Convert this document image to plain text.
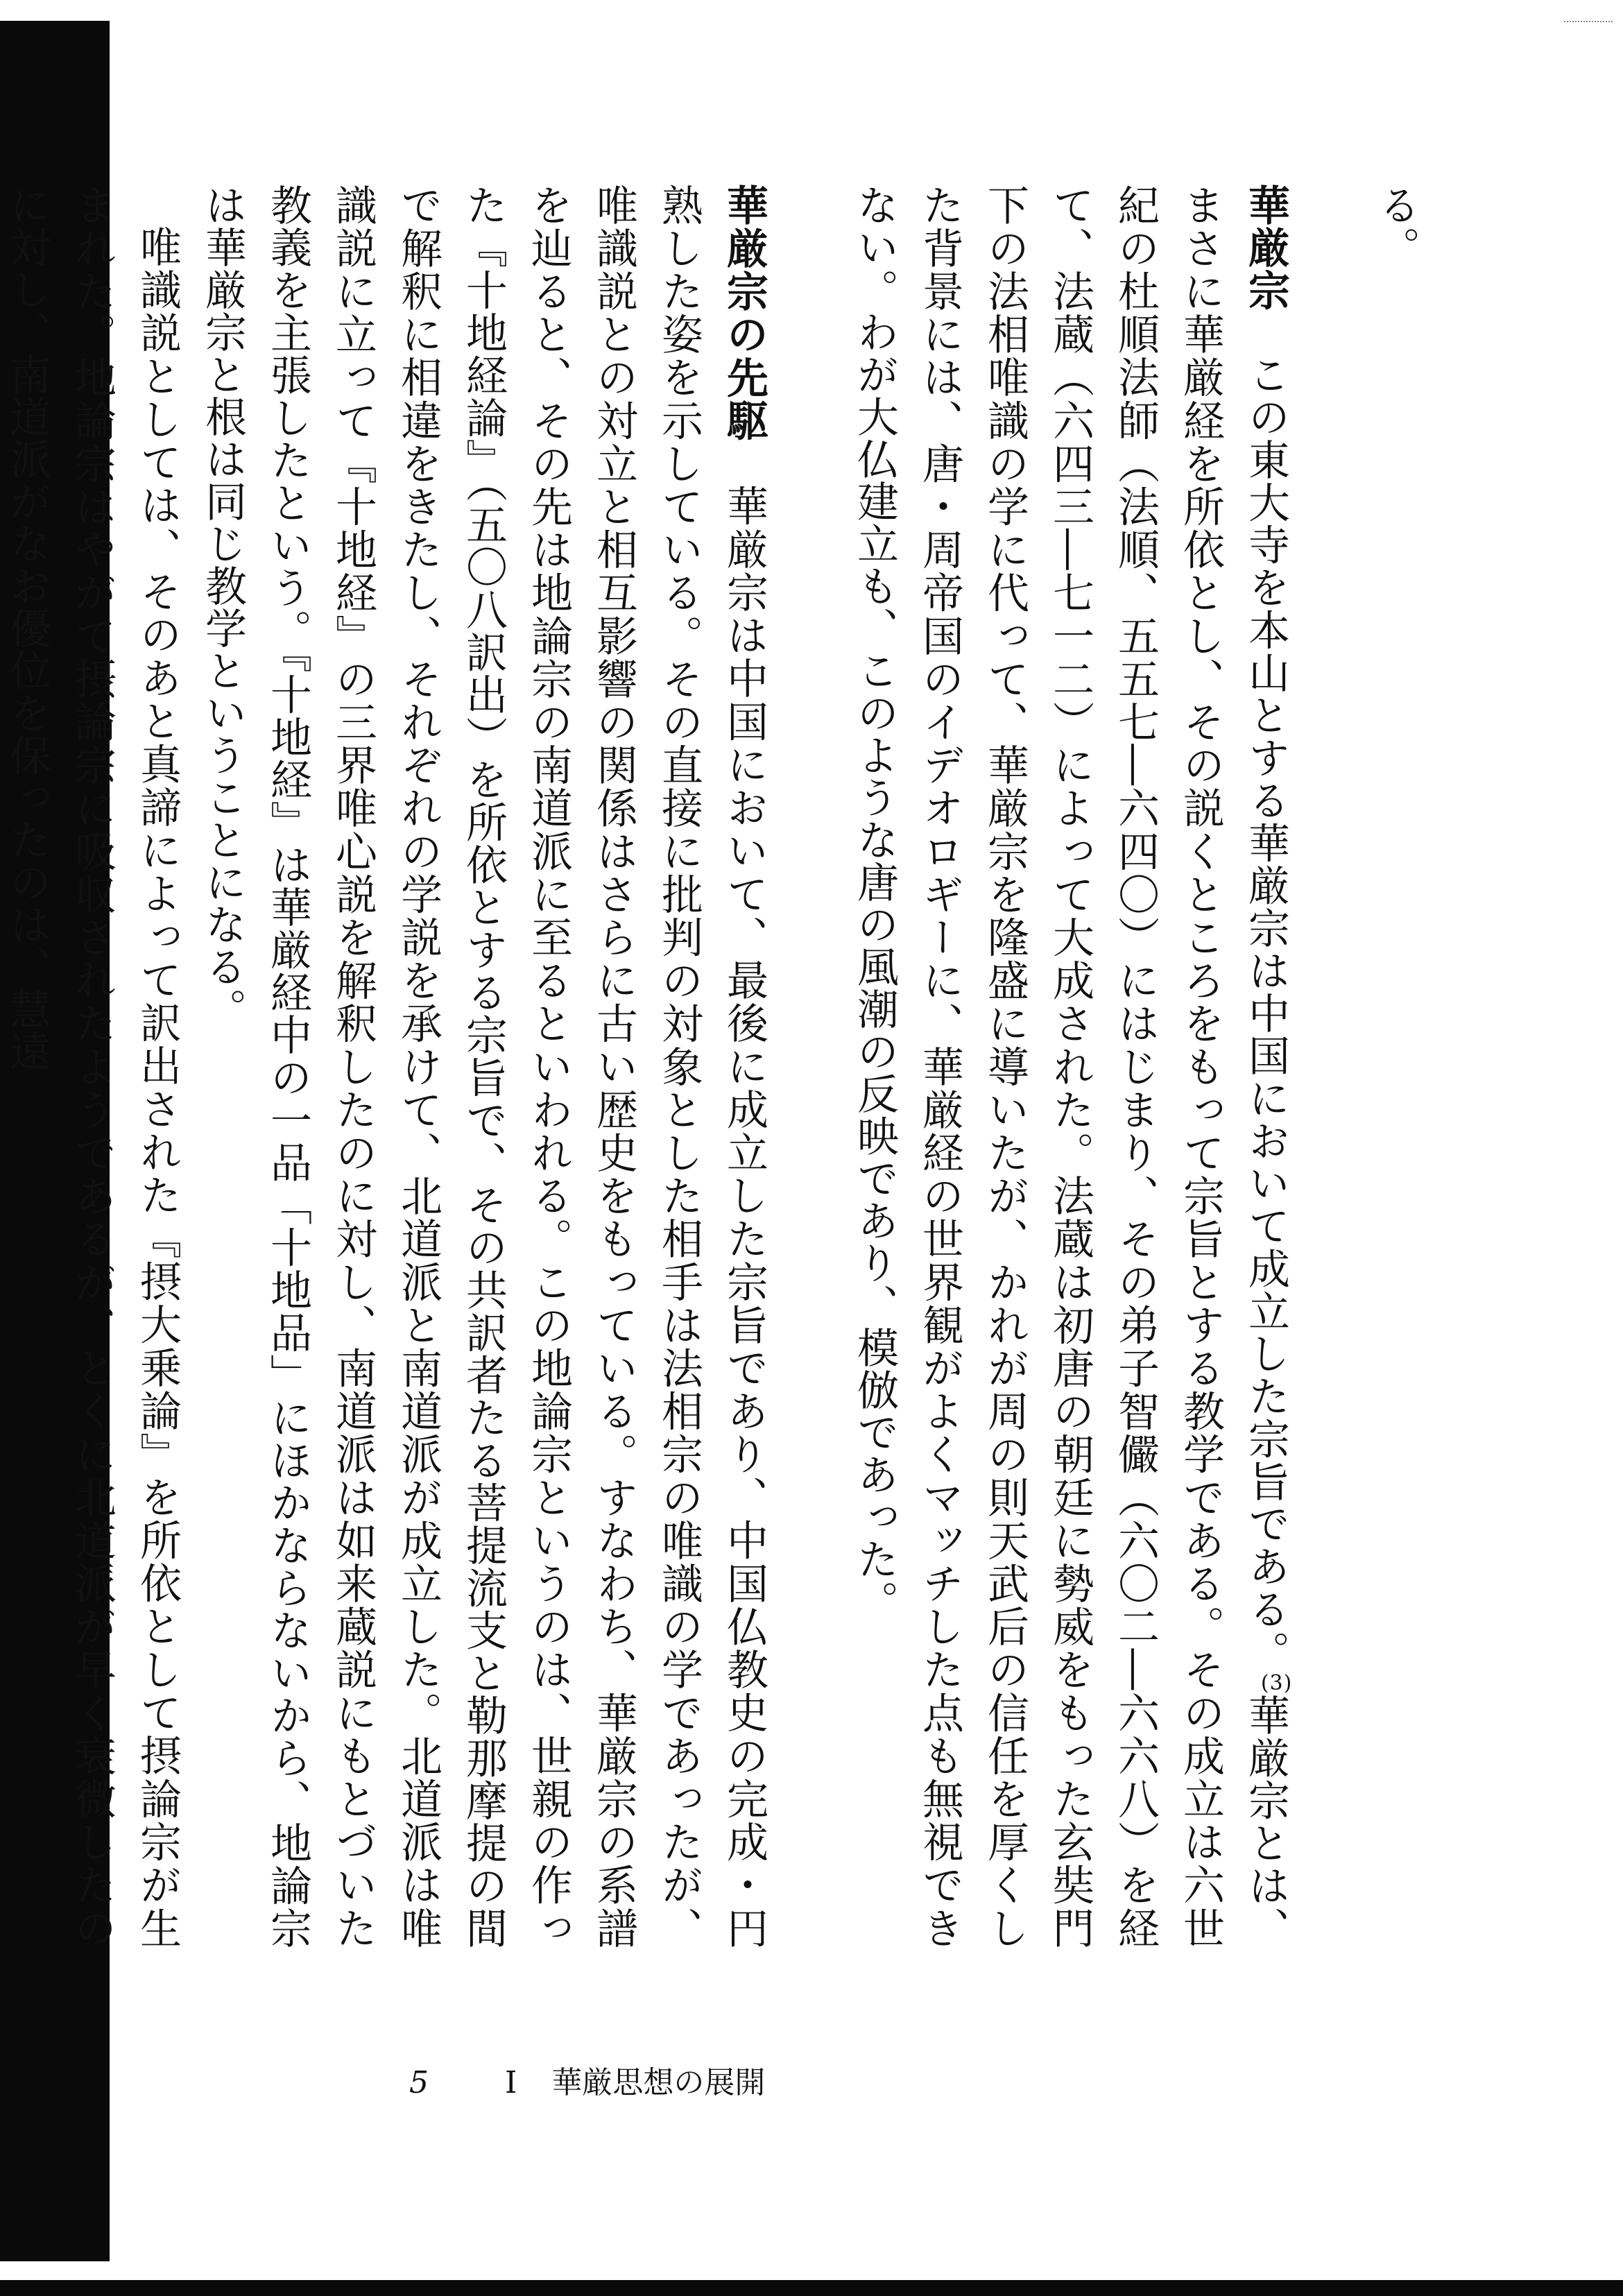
る。

華厳宗この東大寺を本山とする華厳宗は中国において成立した宗旨である。(3)華厳宗とは、まさに華厳経を所依とし、その説くところをもって宗旨とする教学である。その成立は六世紀の杜順法師（法順、五五七―六四〇）にはじまり、その弟子智儼（六〇二―六六八）を経て、法蔵（六四三―七一二）によって大成された。法蔵は初唐の朝廷に勢威をもった玄奘門下の法相唯識の学に代って、華厳宗を隆盛に導いたが、かれが周の則天武后の信任を厚くした背景には、唐・周帝国のイデオロギーに、華厳経の世界観がよくマッチした点も無視できない。わが大仏建立も、このような唐の風潮の反映であり、模倣であった。

華厳宗の先駆華厳宗は中国において、最後に成立した宗旨であり、中国仏教史の完成・円熟した姿を示している。その直接に批判の対象とした相手は法相宗の唯識の学であったが、唯識説との対立と相互影響の関係はさらに古い歴史をもっている。すなわち、華厳宗の系譜を辿ると、その先は地論宗の南道派に至るといわれる。この地論宗というのは、世親の作った『十地経論』（五〇八訳出）を所依とする宗旨で、その共訳者たる菩提流支と勒那摩提の間で解釈に相違をきたし、それぞれの学説を承けて、北道派と南道派が成立した。北道派は唯識説に立って『十地経』の三界唯心説を解釈したのに対し、南道派は如来蔵説にもとづいた教義を主張したという。『十地経』は華厳経中の一品「十地品」にほかならないから、地論宗は華厳宗と根は同じ教学ということになる。

唯識説としては、そのあと真諦によって訳出された『摂大乗論』を所依として摂論宗が生まれた。地論宗はやがて摂論宗に吸収されたようであるが、とくに北道派が早く衰微したのに対し、南道派がなお優位を保ったのは、慧遠

5	I 華厳思想の展開
